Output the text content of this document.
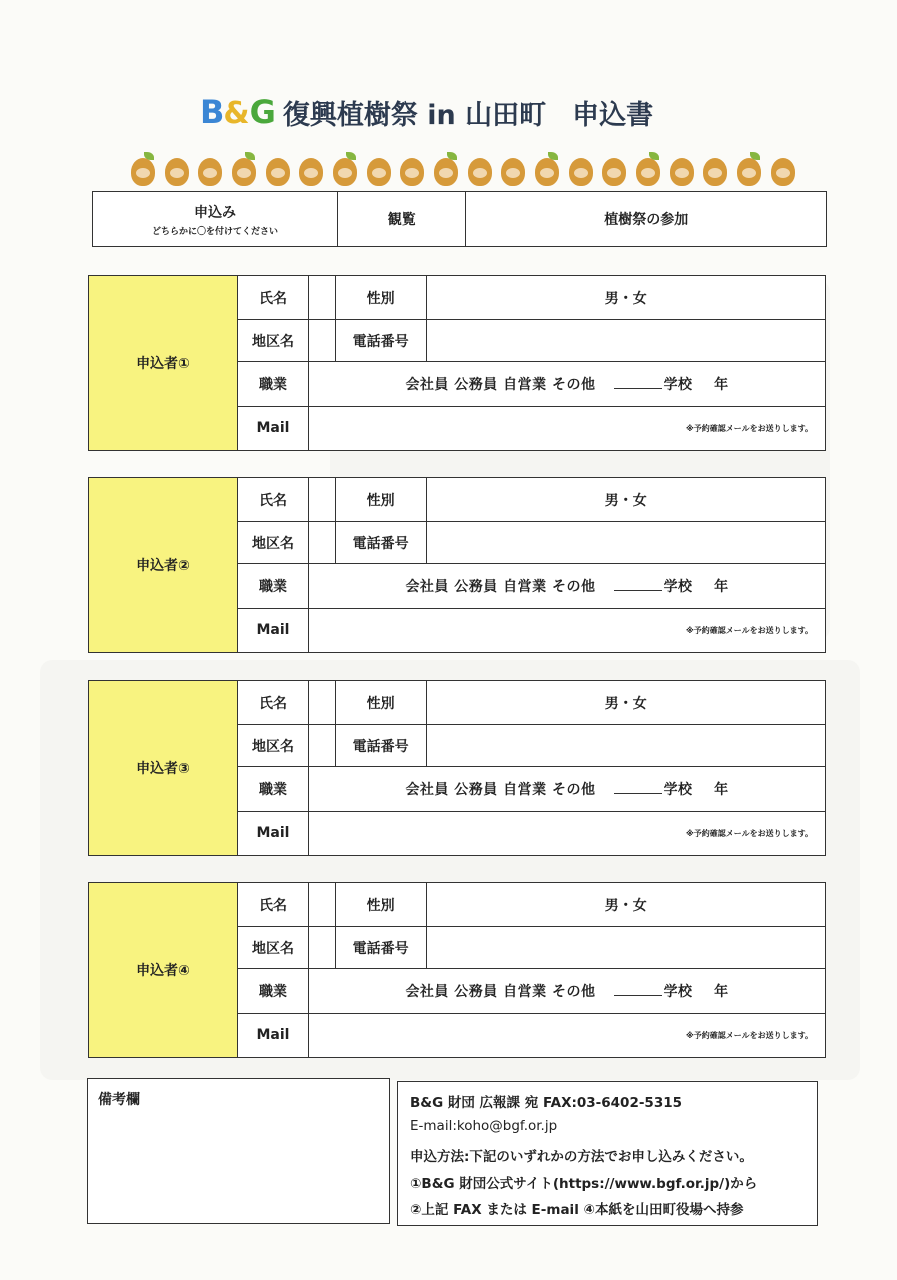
B&G 復興植樹祭 in 山田町 申込書
申込み
どちらかに〇を付けてください
	観覧	植樹祭の参加
申込者①	氏名		性別	男・女
	地区名		電話番号	
	職業	会社員 公務員 自営業 その他 学校 年		
	Mail	※予約確認メールをお送りします。		
申込者②	氏名		性別	男・女
	地区名		電話番号	
	職業	会社員 公務員 自営業 その他 学校 年		
	Mail	※予約確認メールをお送りします。		
申込者③	氏名		性別	男・女
	地区名		電話番号	
	職業	会社員 公務員 自営業 その他 学校 年		
	Mail	※予約確認メールをお送りします。		
申込者④	氏名		性別	男・女
	地区名		電話番号	
	職業	会社員 公務員 自営業 その他 学校 年		
	Mail	※予約確認メールをお送りします。		
備考欄	B&G 財団 広報課 宛 FAX:03-6402-5315
E-mail:koho@bgf.or.jp
申込方法:下記のいずれかの方法でお申し込みください。
①B&G 財団公式サイト(https://www.bgf.or.jp/)から
②上記 FAX または E-mail ④本紙を山田町役場へ持参
